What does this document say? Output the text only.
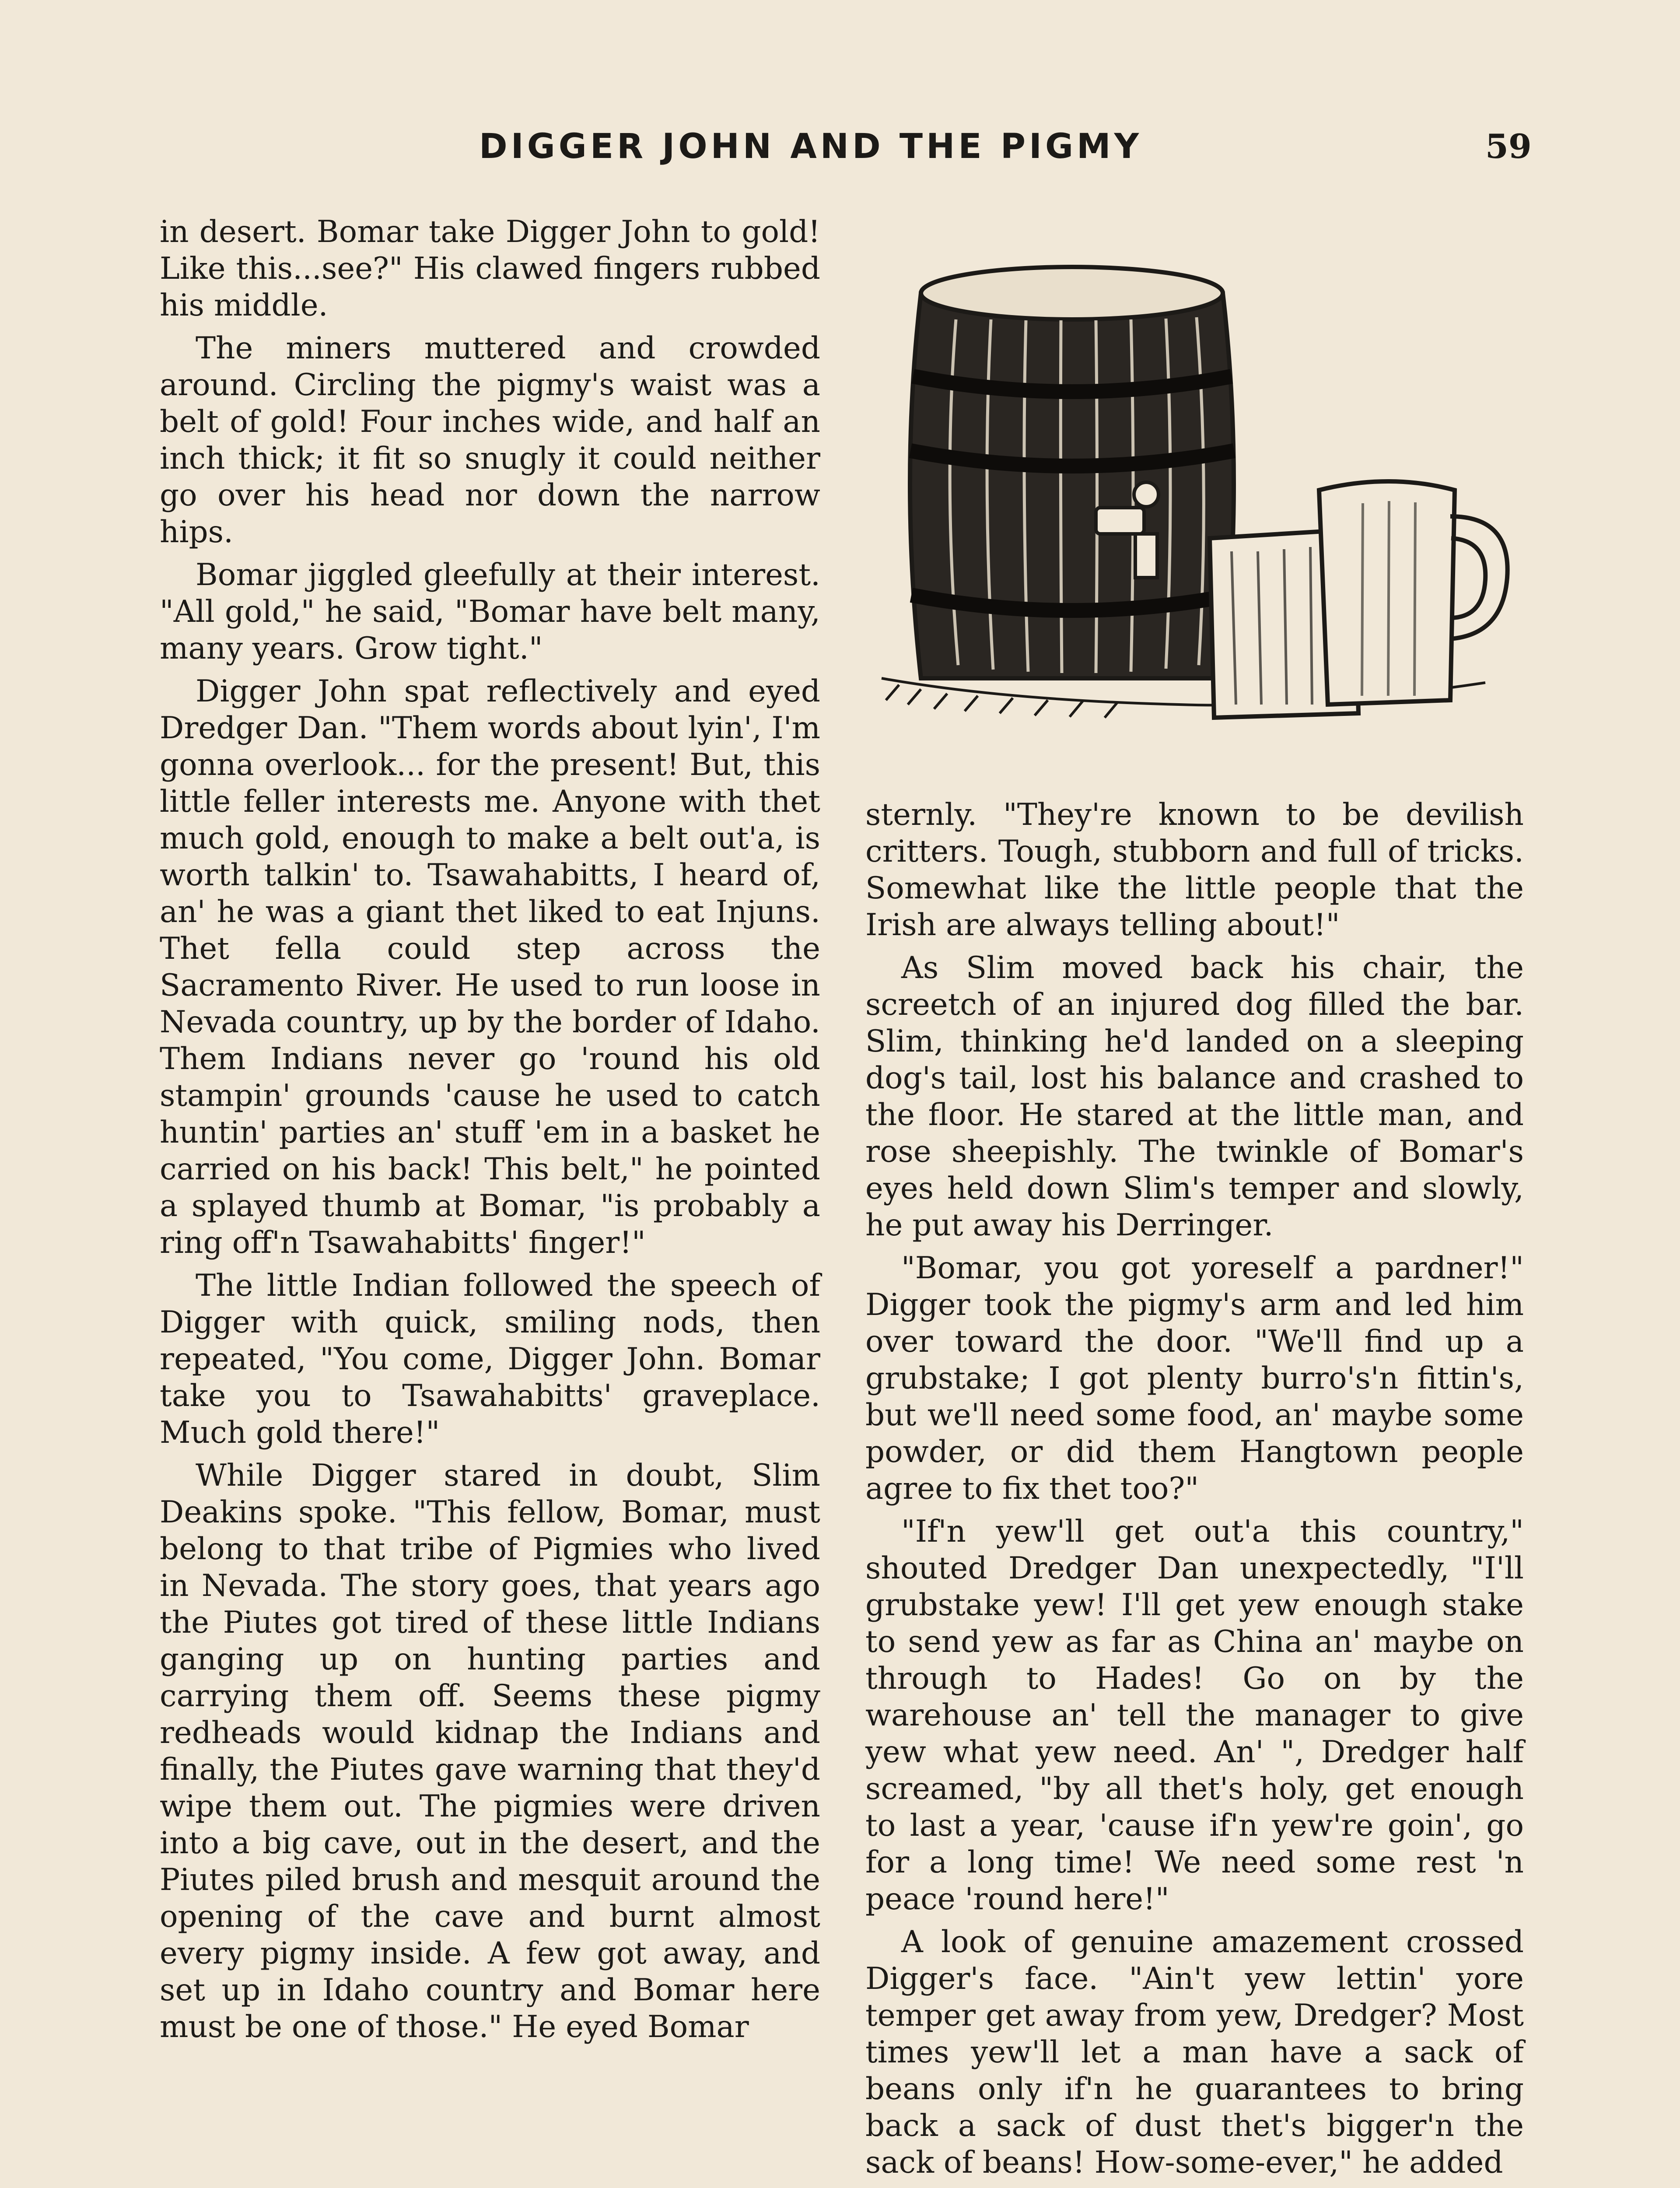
DIGGER JOHN AND THE PIGMY	59

in desert. Bomar take Digger John to gold! Like this...see?" His clawed fingers rubbed his middle.

The miners muttered and crowded around. Circling the pigmy's waist was a belt of gold! Four inches wide, and half an inch thick; it fit so snugly it could neither go over his head nor down the narrow hips.

Bomar jiggled gleefully at their interest. "All gold," he said, "Bomar have belt many, many years. Grow tight."

Digger John spat reflectively and eyed Dredger Dan. "Them words about lyin', I'm gonna overlook... for the present! But, this little feller interests me. Anyone with thet much gold, enough to make a belt out'a, is worth talkin' to. Tsawahabitts, I heard of, an' he was a giant thet liked to eat Injuns. Thet fella could step across the Sacramento River. He used to run loose in Nevada country, up by the border of Idaho. Them Indians never go 'round his old stampin' grounds 'cause he used to catch huntin' parties an' stuff 'em in a basket he carried on his back! This belt," he pointed a splayed thumb at Bomar, "is probably a ring off'n Tsawahabitts' finger!"

The little Indian followed the speech of Digger with quick, smiling nods, then repeated, "You come, Digger John. Bomar take you to Tsawahabitts' graveplace. Much gold there!"

While Digger stared in doubt, Slim Deakins spoke. "This fellow, Bomar, must belong to that tribe of Pigmies who lived in Nevada. The story goes, that years ago the Piutes got tired of these little Indians ganging up on hunting parties and carrying them off. Seems these pigmy redheads would kidnap the Indians and finally, the Piutes gave warning that they'd wipe them out. The pigmies were driven into a big cave, out in the desert, and the Piutes piled brush and mesquit around the opening of the cave and burnt almost every pigmy inside. A few got away, and set up in Idaho country and Bomar here must be one of those." He eyed Bomar

sternly. "They're known to be devilish critters. Tough, stubborn and full of tricks. Somewhat like the little people that the Irish are always telling about!"

As Slim moved back his chair, the screetch of an injured dog filled the bar. Slim, thinking he'd landed on a sleeping dog's tail, lost his balance and crashed to the floor. He stared at the little man, and rose sheepishly. The twinkle of Bomar's eyes held down Slim's temper and slowly, he put away his Derringer.

"Bomar, you got yoreself a pardner!" Digger took the pigmy's arm and led him over toward the door. "We'll find up a grubstake; I got plenty burro's'n fittin's, but we'll need some food, an' maybe some powder, or did them Hangtown people agree to fix thet too?"

"If'n yew'll get out'a this country," shouted Dredger Dan unexpectedly, "I'll grubstake yew! I'll get yew enough stake to send yew as far as China an' maybe on through to Hades! Go on by the warehouse an' tell the manager to give yew what yew need. An' ", Dredger half screamed, "by all thet's holy, get enough to last a year, 'cause if'n yew're goin', go for a long time! We need some rest 'n peace 'round here!"

A look of genuine amazement crossed Digger's face. "Ain't yew lettin' yore temper get away from yew, Dredger? Most times yew'll let a man have a sack of beans only if'n he guarantees to bring back a sack of dust thet's bigger'n the sack of beans! How-some-ever," he added
